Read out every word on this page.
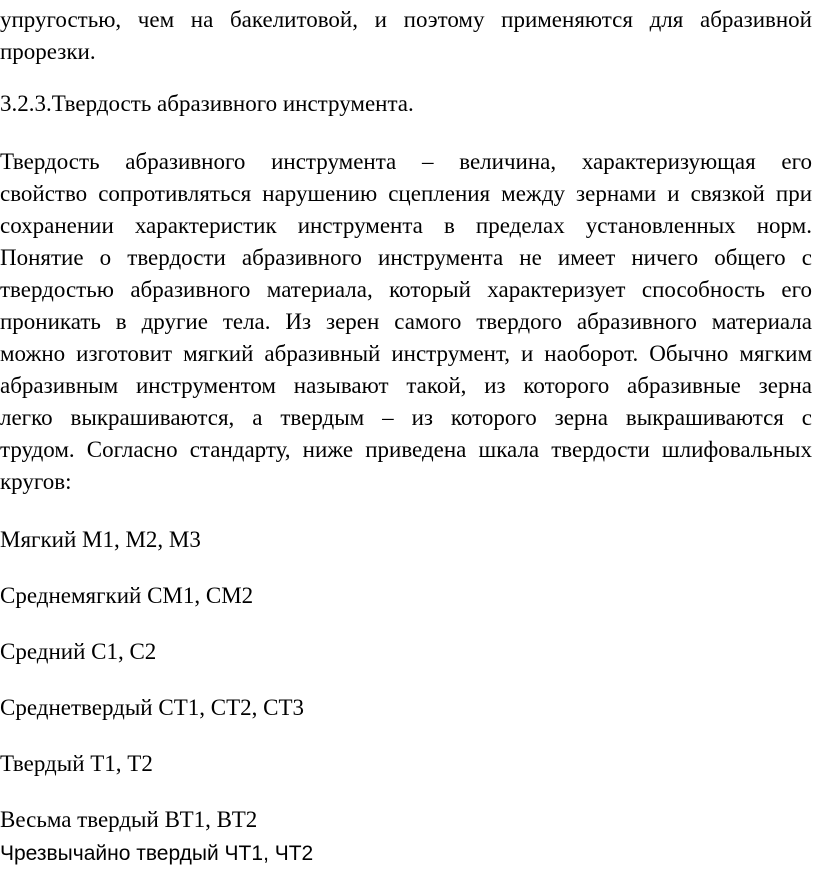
упругостью, чем на бакелитовой, и поэтому применяются для абразивной

прорезки.

3.2.3.Твердость абразивного инструмента.

Твердость абразивного инструмента – величина, характеризующая его

свойство сопротивляться нарушению сцепления между зернами и связкой при

сохранении характеристик инструмента в пределах установленных норм.

Понятие о твердости абразивного инструмента не имеет ничего общего с

твердостью абразивного материала, который характеризует способность его

проникать в другие тела. Из зерен самого твердого абразивного материала

можно изготовит мягкий абразивный инструмент, и наоборот. Обычно мягким

абразивным инструментом называют такой, из которого абразивные зерна

легко выкрашиваются, а твердым – из которого зерна выкрашиваются с

трудом. Согласно стандарту, ниже приведена шкала твердости шлифовальных

кругов:

Мягкий М1, М2, М3

Среднемягкий СМ1, СМ2

Средний С1, С2

Среднетвердый СТ1, СТ2, СТ3

Твердый Т1, Т2

Весьма твердый ВТ1, ВТ2

Чрезвычайно твердый ЧТ1, ЧТ2
